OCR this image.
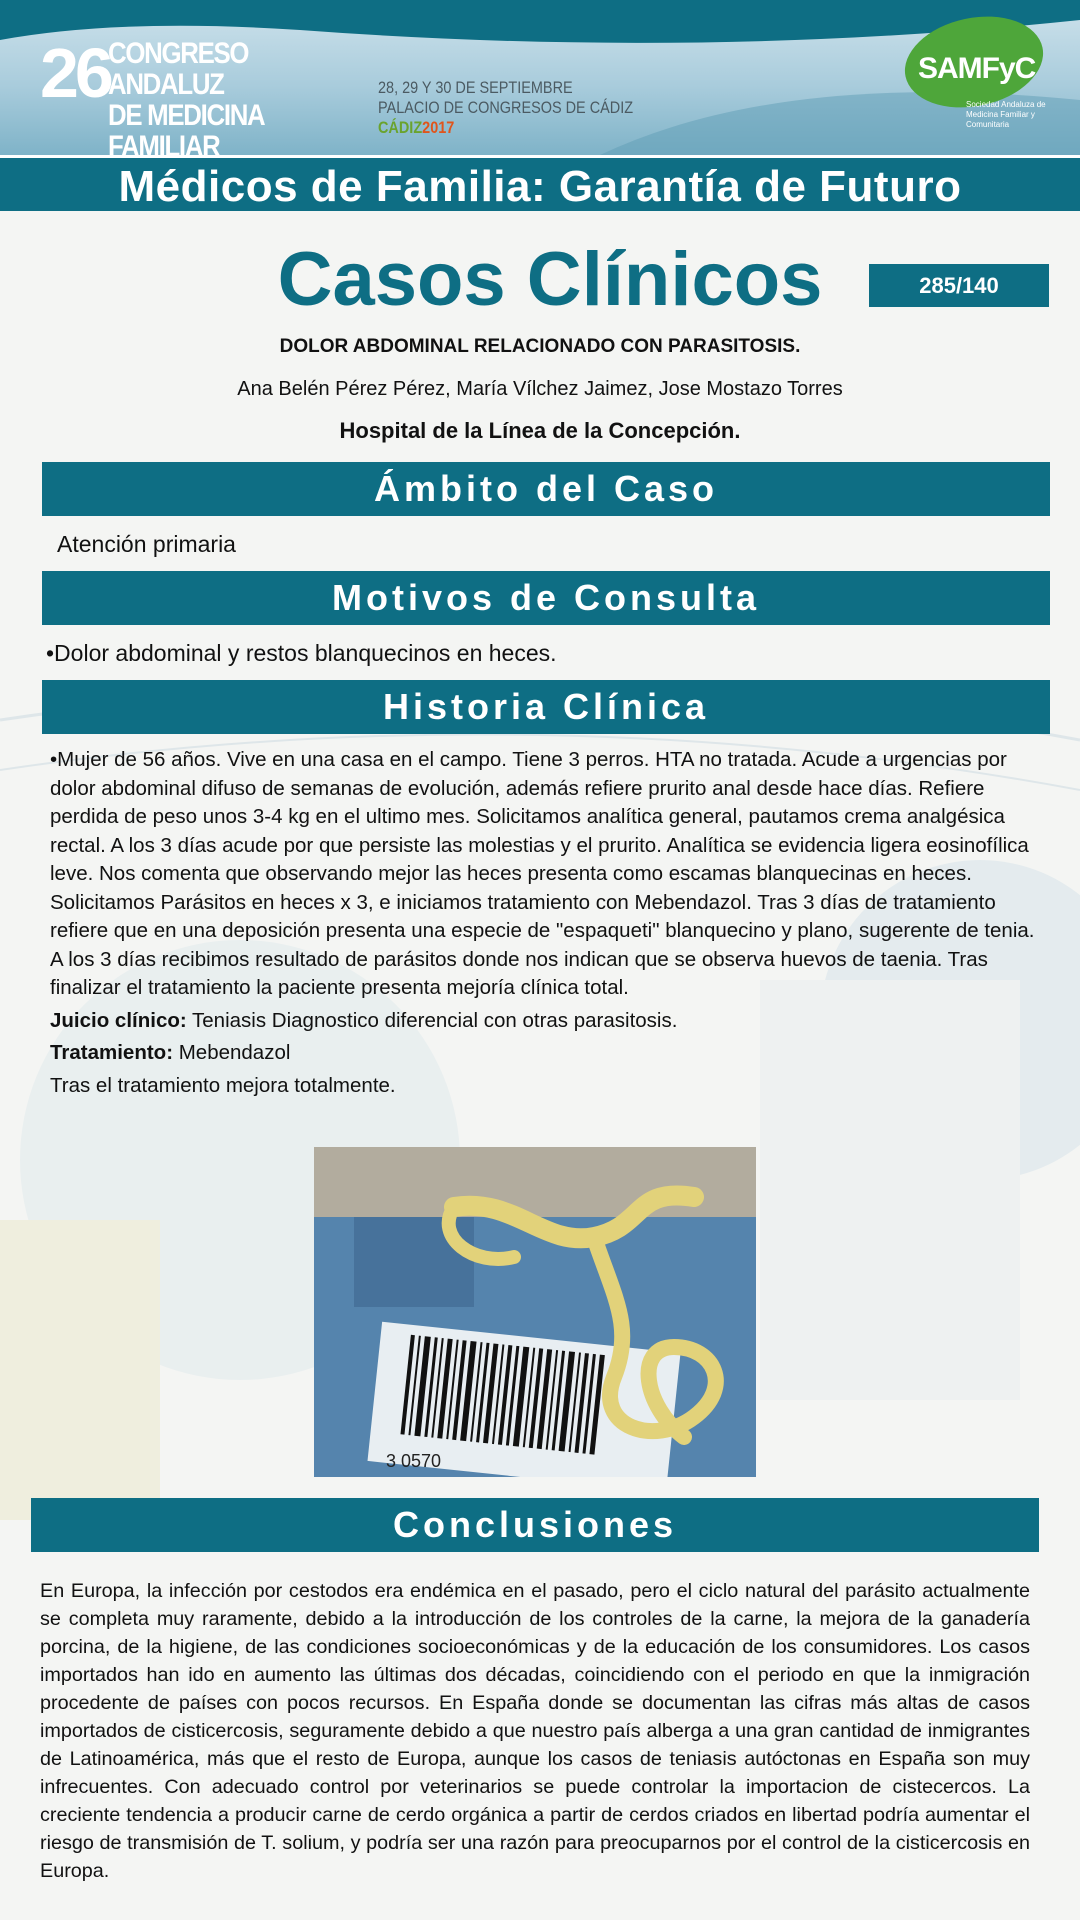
26
CONGRESO ANDALUZ
DE MEDICINA FAMILIAR
28, 29 Y 30 DE SEPTIEMBRE
PALACIO DE CONGRESOS DE CÁDIZ
CÁDIZ2017
SAMFyC
Sociedad Andaluza de Medicina Familiar y Comunitaria
Médicos de Familia: Garantía de Futuro
Casos Clínicos	285/140
DOLOR ABDOMINAL RELACIONADO CON PARASITOSIS.
Ana Belén Pérez Pérez, María Vílchez Jaimez, Jose Mostazo Torres
Hospital de la Línea de la Concepción.
Ámbito del Caso
Atención primaria
Motivos de Consulta
•Dolor abdominal y restos blanquecinos en heces.
Historia Clínica
•Mujer de 56 años. Vive en una casa en el campo. Tiene 3 perros. HTA no tratada. Acude a urgencias por dolor abdominal difuso de semanas de evolución, además refiere prurito anal desde hace días. Refiere perdida de peso unos 3-4 kg en el ultimo mes. Solicitamos analítica general, pautamos crema analgésica rectal. A los 3 días acude por que persiste las molestias y el prurito. Analítica se evidencia ligera eosinofílica leve. Nos comenta que observando mejor las heces presenta como escamas blanquecinas en heces. Solicitamos Parásitos en heces x 3, e iniciamos tratamiento con Mebendazol. Tras 3 días de tratamiento refiere que en una deposición presenta una especie de "espaqueti" blanquecino y plano, sugerente de tenia. A los 3 días recibimos resultado de parásitos donde nos indican que se observa huevos de taenia. Tras finalizar el tratamiento la paciente presenta mejoría clínica total.
Juicio clínico: Teniasis Diagnostico diferencial con otras parasitosis.
Tratamiento: Mebendazol
Tras el tratamiento mejora totalmente.
3 0570
Conclusiones
En Europa, la infección por cestodos era endémica en el pasado, pero el ciclo natural del parásito actualmente se completa muy raramente, debido a la introducción de los controles de la carne, la mejora de la ganadería porcina, de la higiene, de las condiciones socioeconómicas y de la educación de los consumidores. Los casos importados han ido en aumento las últimas dos décadas, coincidiendo con el periodo en que la inmigración procedente de países con pocos recursos. En España donde se documentan las cifras más altas de casos importados de cisticercosis, seguramente debido a que nuestro país alberga a una gran cantidad de inmigrantes de Latinoamérica, más que el resto de Europa, aunque los casos de teniasis autóctonas en España son muy infrecuentes. Con adecuado control por veterinarios se puede controlar la importacion de cistecercos. La creciente tendencia a producir carne de cerdo orgánica a partir de cerdos criados en libertad podría aumentar el riesgo de transmisión de T. solium, y podría ser una razón para preocuparnos por el control de la cisticercosis en Europa.
